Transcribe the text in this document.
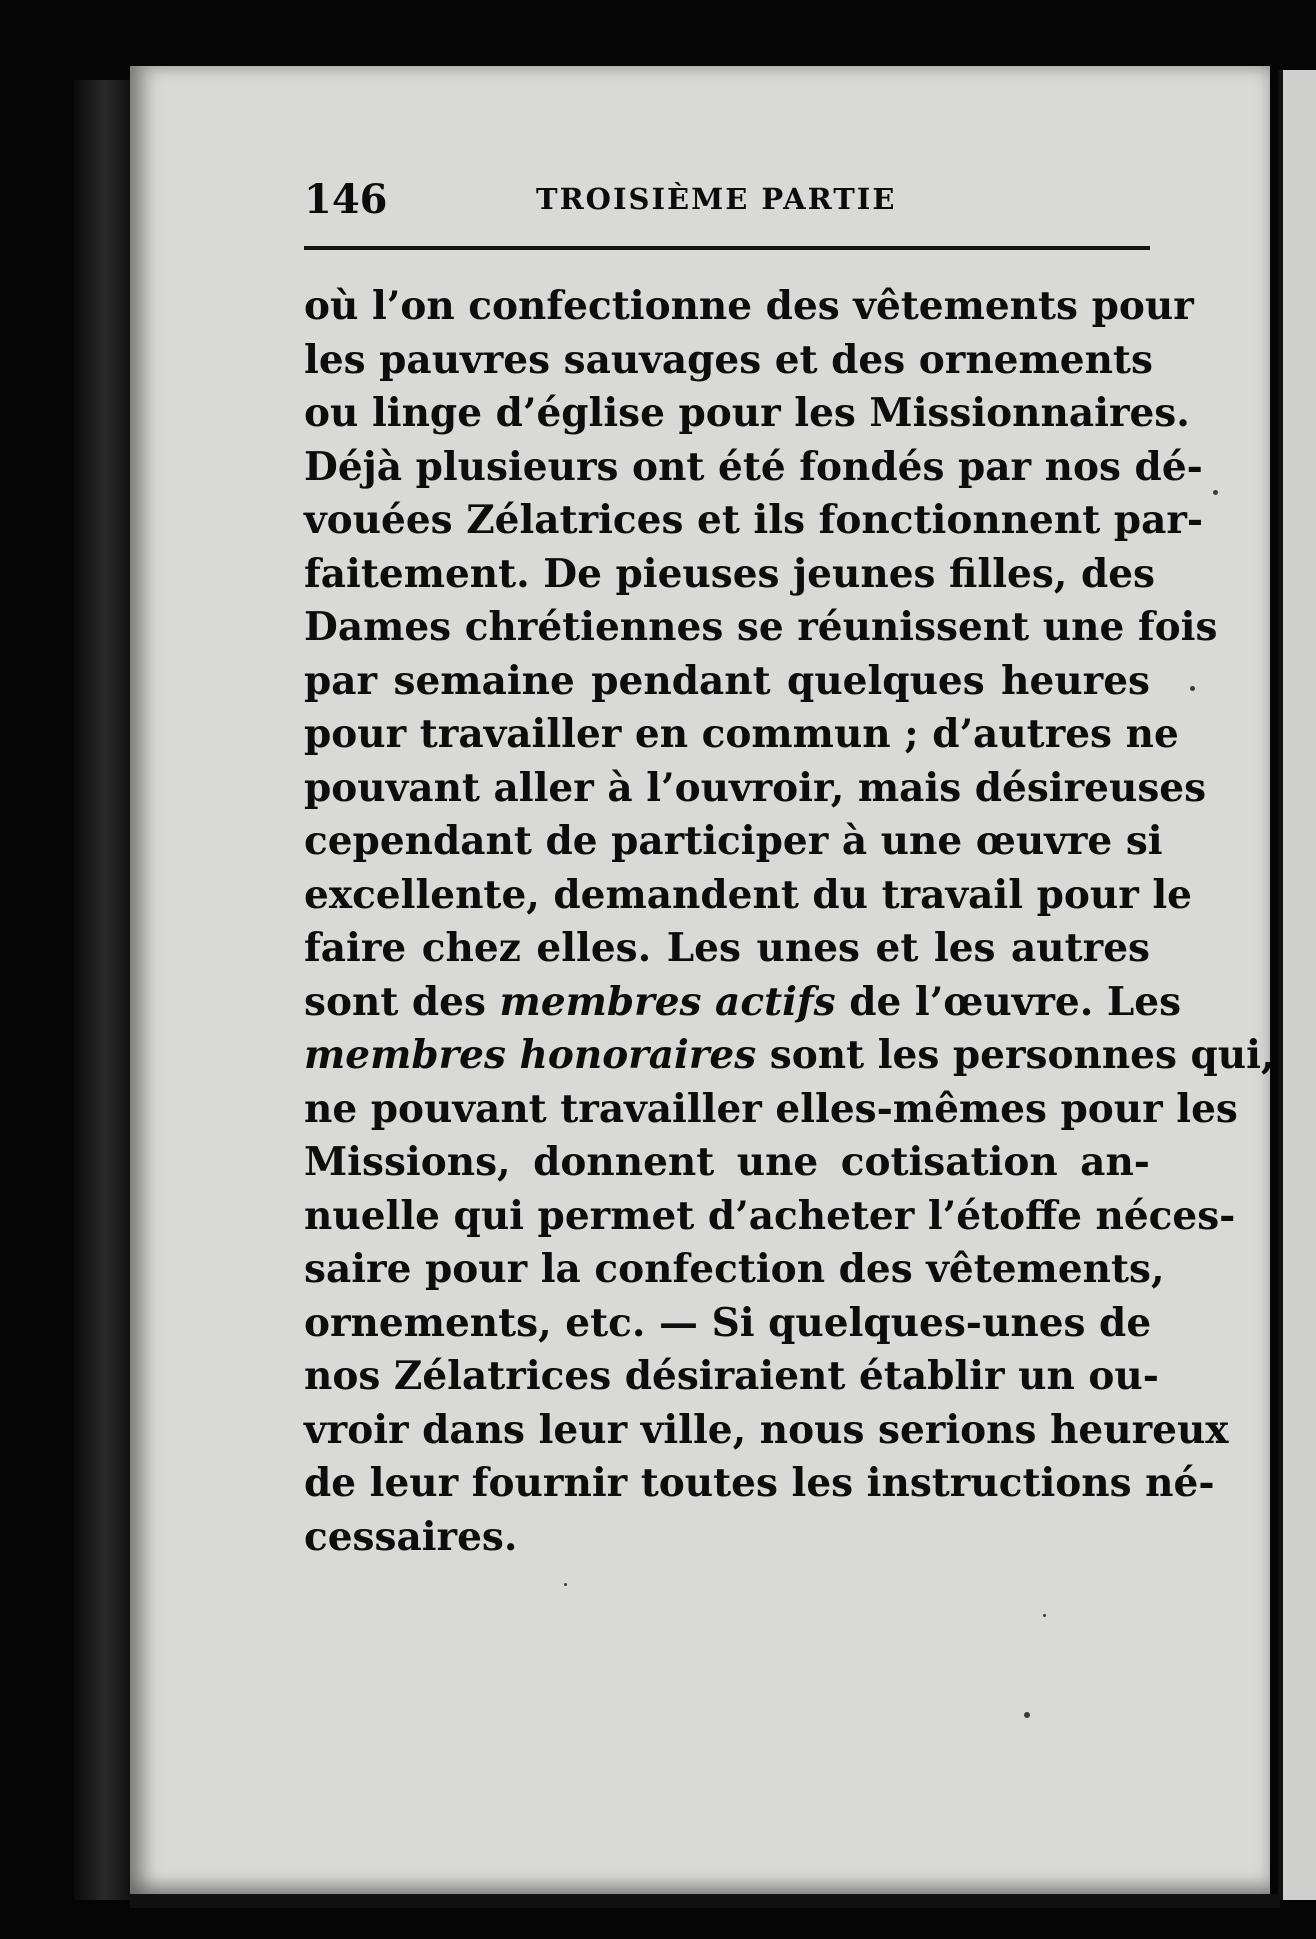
146	TROISIÈME PARTIE
où l’on confectionne des vêtements pour
les pauvres sauvages et des ornements
ou linge d’église pour les Missionnaires.
Déjà plusieurs ont été fondés par nos dé-
vouées Zélatrices et ils fonctionnent par-
faitement. De pieuses jeunes filles, des
Dames chrétiennes se réunissent une fois
par semaine pendant quelques heures
pour travailler en commun ; d’autres ne
pouvant aller à l’ouvroir, mais désireuses
cependant de participer à une œuvre si
excellente, demandent du travail pour le
faire chez elles. Les unes et les autres
sont des membres actifs de l’œuvre. Les
membres honoraires sont les personnes qui,
ne pouvant travailler elles-mêmes pour les
Missions, donnent une cotisation an-
nuelle qui permet d’acheter l’étoffe néces-
saire pour la confection des vêtements,
ornements, etc. — Si quelques-unes de
nos Zélatrices désiraient établir un ou-
vroir dans leur ville, nous serions heureux
de leur fournir toutes les instructions né-
cessaires.
